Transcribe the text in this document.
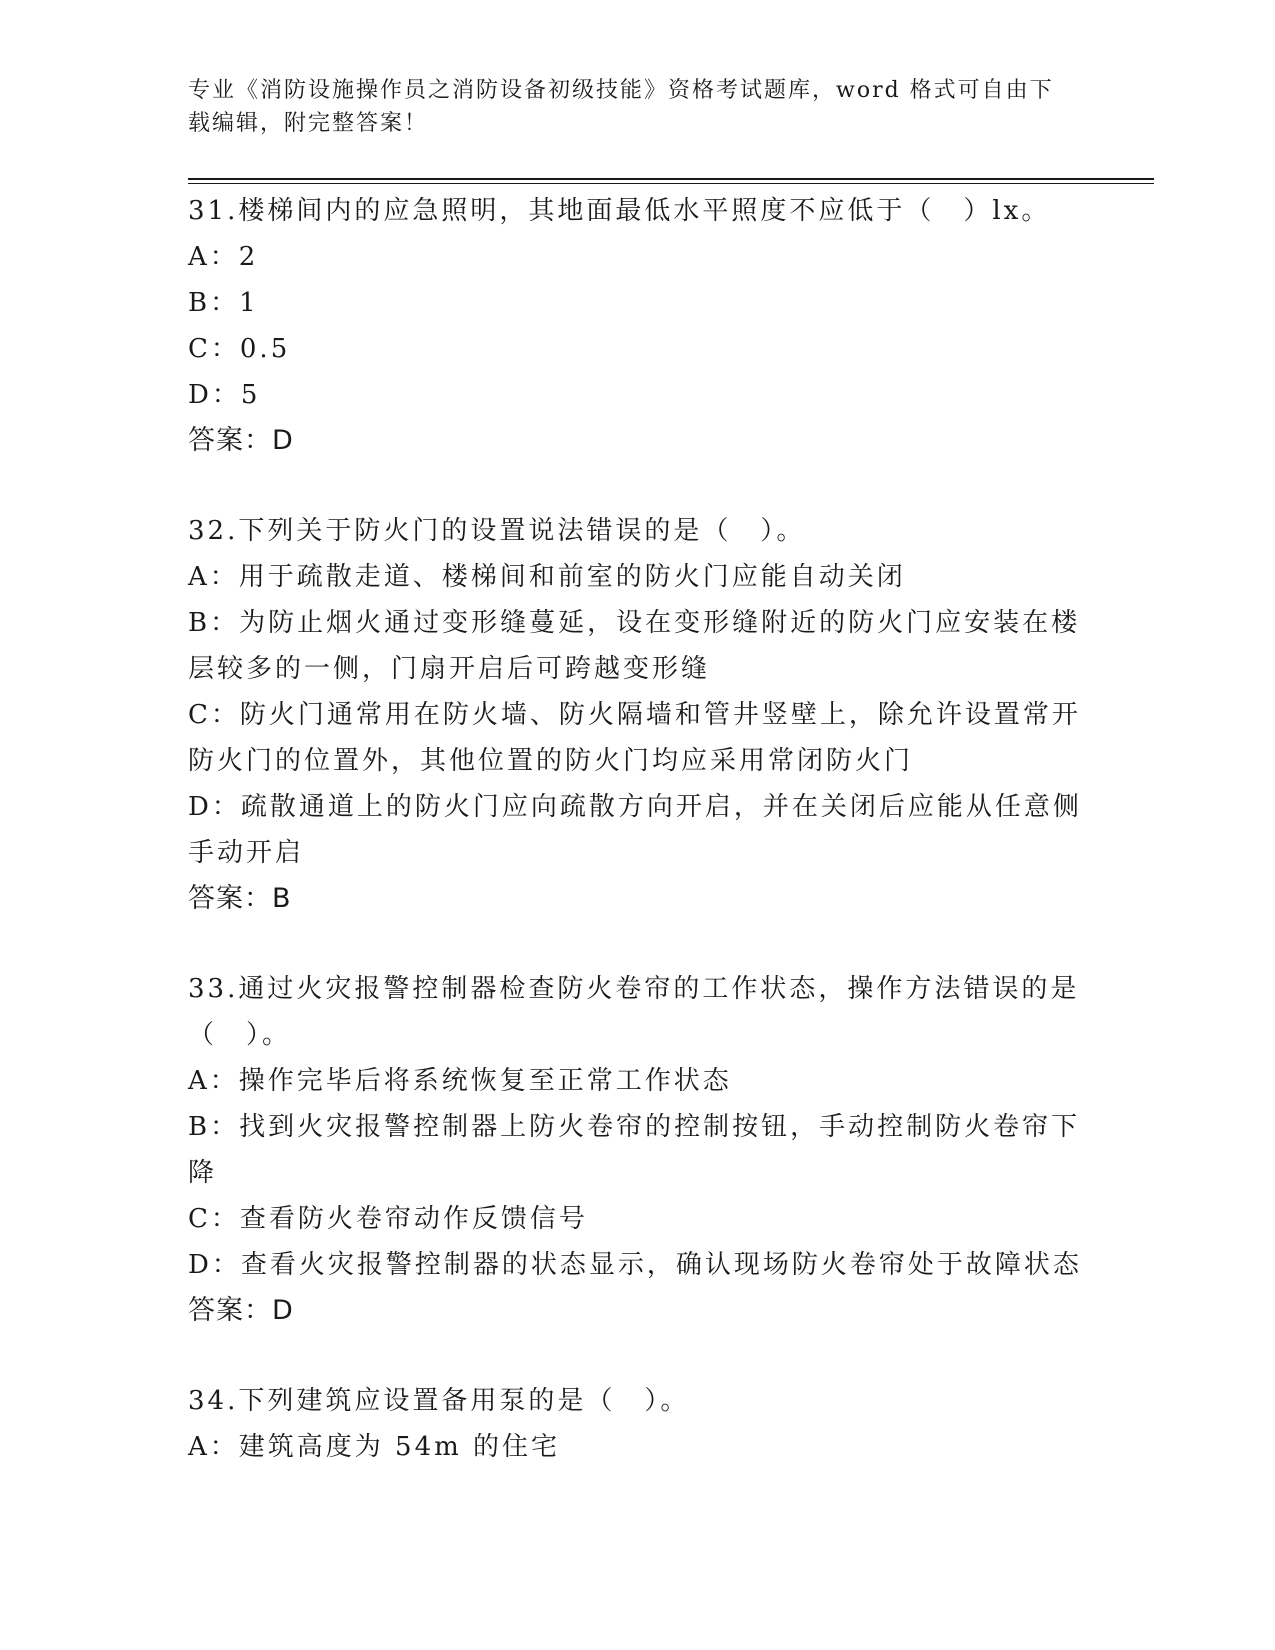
专业《消防设施操作员之消防设备初级技能》资格考试题库，word 格式可自由下载编辑，附完整答案！
31.楼梯间内的应急照明，其地面最低水平照度不应低于（　）lx。
A：2
B：1
C：0.5
D：5
答案：D
32.下列关于防火门的设置说法错误的是（　）。
A：用于疏散走道、楼梯间和前室的防火门应能自动关闭
B：为防止烟火通过变形缝蔓延，设在变形缝附近的防火门应安装在楼层较多的一侧，门扇开启后可跨越变形缝
C：防火门通常用在防火墙、防火隔墙和管井竖壁上，除允许设置常开防火门的位置外，其他位置的防火门均应采用常闭防火门
D：疏散通道上的防火门应向疏散方向开启，并在关闭后应能从任意侧手动开启
答案：B
33.通过火灾报警控制器检查防火卷帘的工作状态，操作方法错误的是（　）。
A：操作完毕后将系统恢复至正常工作状态
B：找到火灾报警控制器上防火卷帘的控制按钮，手动控制防火卷帘下降
C：查看防火卷帘动作反馈信号
D：查看火灾报警控制器的状态显示，确认现场防火卷帘处于故障状态
答案：D
34.下列建筑应设置备用泵的是（　）。
A：建筑高度为 54m 的住宅
